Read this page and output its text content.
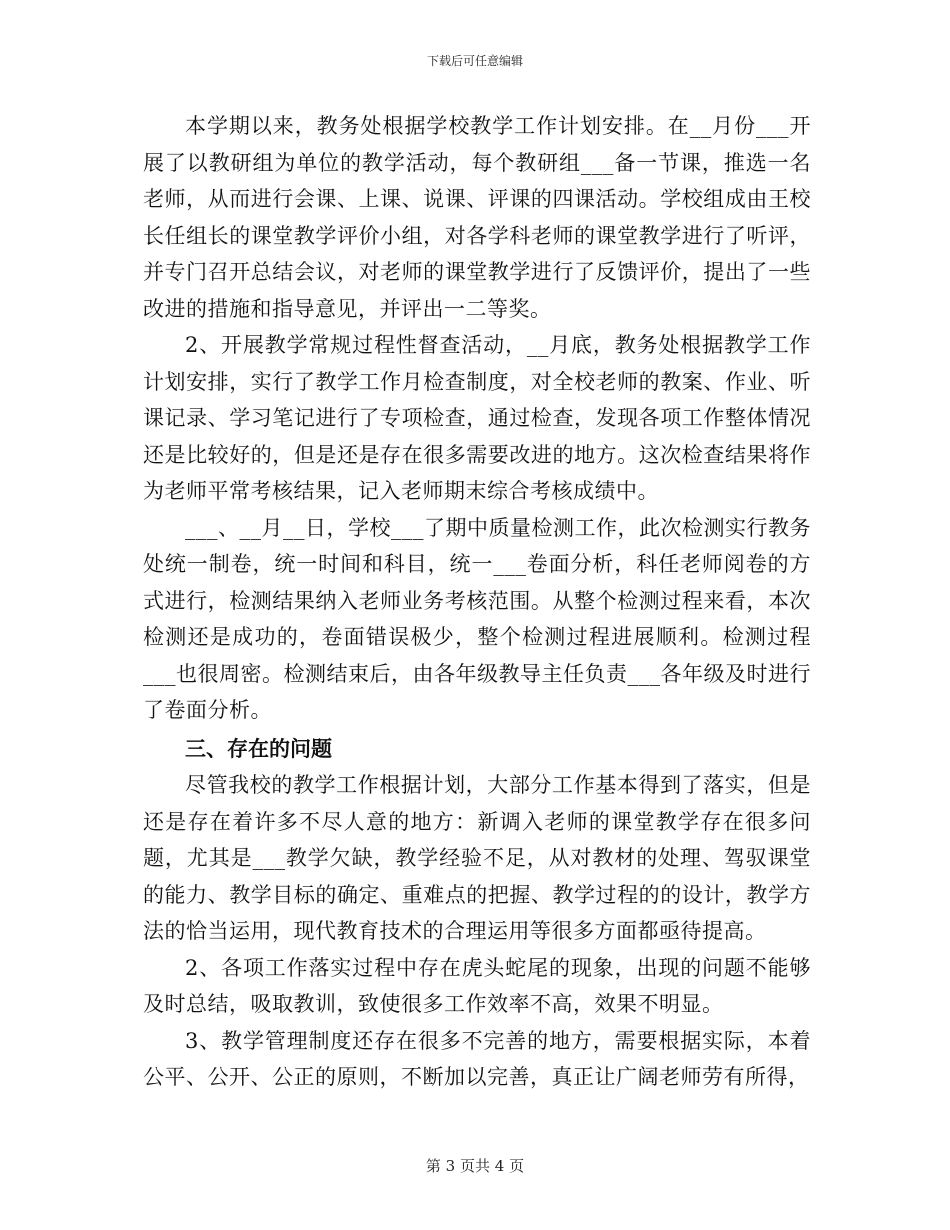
下载后可任意编辑

本学期以来，教务处根据学校教学工作计划安排。在__月份___开展了以教研组为单位的教学活动，每个教研组___备一节课，推选一名老师，从而进行会课、上课、说课、评课的四课活动。学校组成由王校长任组长的课堂教学评价小组，对各学科老师的课堂教学进行了听评，并专门召开总结会议，对老师的课堂教学进行了反馈评价，提出了一些改进的措施和指导意见，并评出一二等奖。

2、开展教学常规过程性督查活动，__月底，教务处根据教学工作计划安排，实行了教学工作月检查制度，对全校老师的教案、作业、听课记录、学习笔记进行了专项检查，通过检查，发现各项工作整体情况还是比较好的，但是还是存在很多需要改进的地方。这次检查结果将作为老师平常考核结果，记入老师期末综合考核成绩中。

___、__月__日，学校___了期中质量检测工作，此次检测实行教务处统一制卷，统一时间和科目，统一___卷面分析，科任老师阅卷的方式进行，检测结果纳入老师业务考核范围。从整个检测过程来看，本次检测还是成功的，卷面错误极少，整个检测过程进展顺利。检测过程___也很周密。检测结束后，由各年级教导主任负责___各年级及时进行了卷面分析。

三、存在的问题

尽管我校的教学工作根据计划，大部分工作基本得到了落实，但是还是存在着许多不尽人意的地方：新调入老师的课堂教学存在很多问题，尤其是___教学欠缺，教学经验不足，从对教材的处理、驾驭课堂的能力、教学目标的确定、重难点的把握、教学过程的的设计，教学方法的恰当运用，现代教育技术的合理运用等很多方面都亟待提高。

2、各项工作落实过程中存在虎头蛇尾的现象，出现的问题不能够及时总结，吸取教训，致使很多工作效率不高，效果不明显。

3、教学管理制度还存在很多不完善的地方，需要根据实际，本着公平、公开、公正的原则，不断加以完善，真正让广阔老师劳有所得，

第 3 页共 4 页
